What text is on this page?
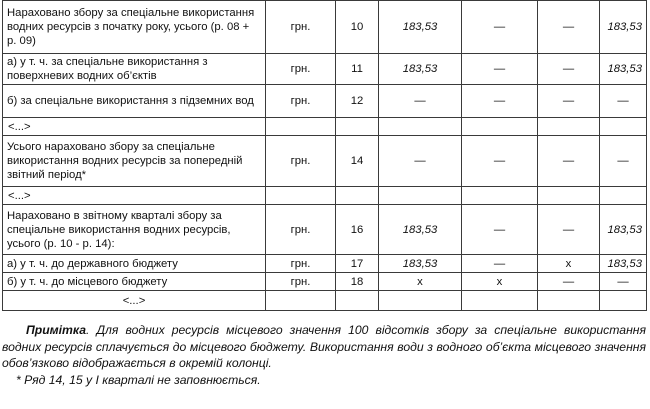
Нараховано збору за спеціальне використання водних ресурсів з початку року, усього (р. 08 + р. 09)	грн.	10	183,53	—	—	183,53
а) у т. ч. за спеціальне використання з поверхневих водних об’єктів	грн.	11	183,53	—	—	183,53
б) за спеціальне використання з підземних вод	грн.	12	—	—	—	—
<...>						
Усього нараховано збору за спеціальне використання водних ресурсів за попередній звітний період*	грн.	14	—	—	—	—
<...>						
Нараховано в звітному кварталі збору за спеціальне використання водних ресурсів, усього (р. 10 - р. 14):	грн.	16	183,53	—	—	183,53
а) у т. ч. до державного бюджету	грн.	17	183,53	—	х	183,53
б) у т. ч. до місцевого бюджету	грн.	18	х	х	—	—
<...>						

Примітка. Для водних ресурсів місцевого значення 100 відсотків збору за спеціальне використання водних ресурсів сплачується до місцевого бюджету. Використання води з водного об’єкта місцевого значення обов’язково відображається в окремій колонці.

* Ряд 14, 15 у I кварталі не заповнюється.
